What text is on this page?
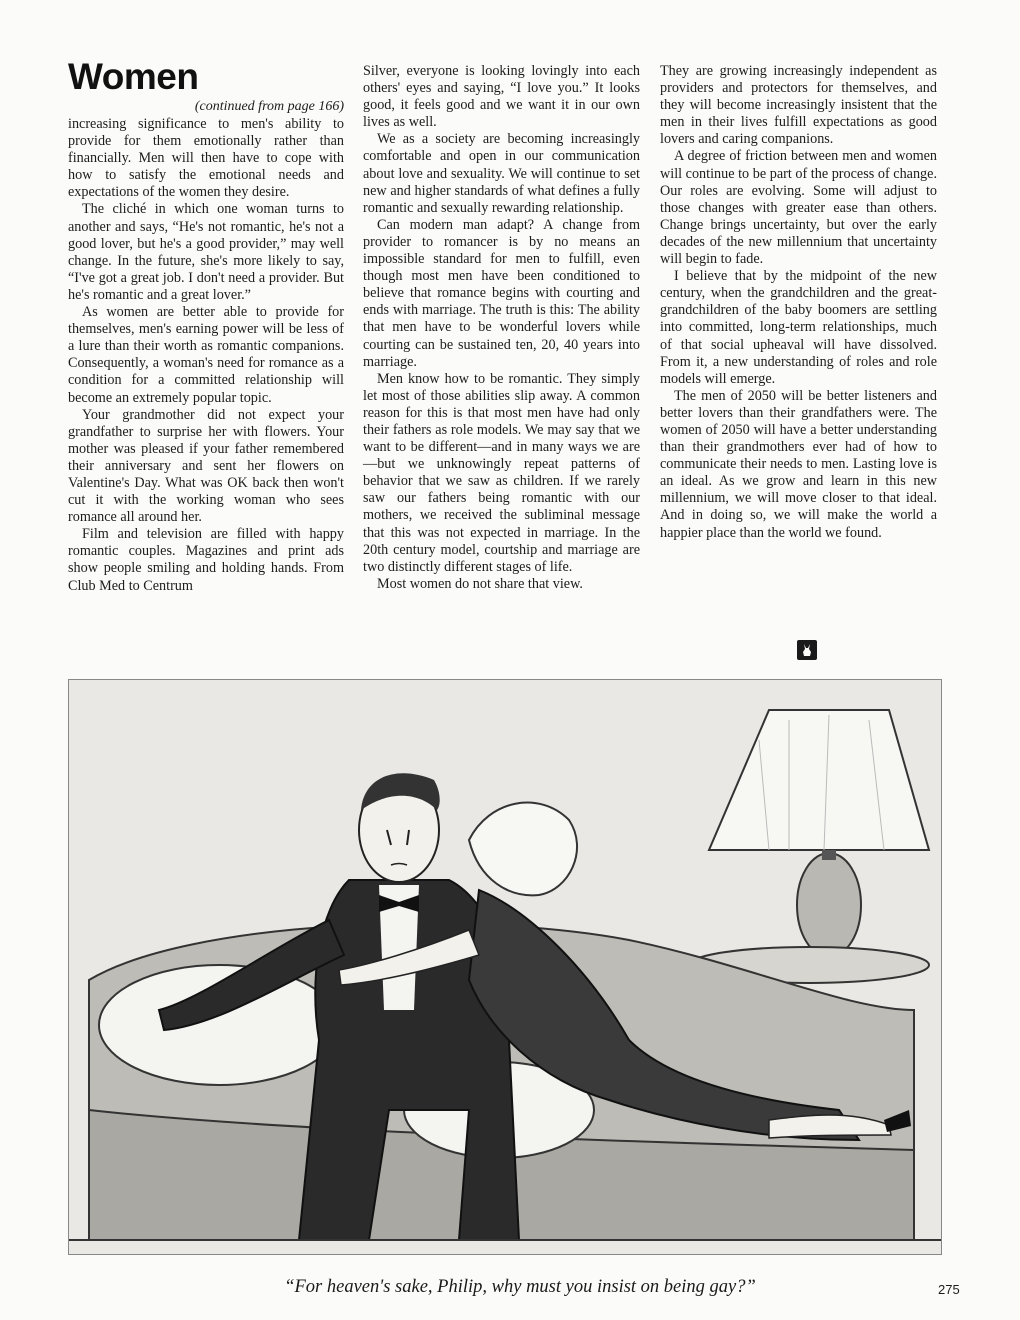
Women
(continued from page 166)

increasing significance to men's ability to provide for them emotionally rather than financially. Men will then have to cope with how to satisfy the emotional needs and expectations of the women they desire.

The cliché in which one woman turns to another and says, “He's not romantic, he's not a good lover, but he's a good provider,” may well change. In the future, she's more likely to say, “I've got a great job. I don't need a provider. But he's romantic and a great lover.”

As women are better able to provide for themselves, men's earning power will be less of a lure than their worth as romantic companions. Consequently, a woman's need for romance as a condition for a committed relationship will become an extremely popular topic.

Your grandmother did not expect your grandfather to surprise her with flowers. Your mother was pleased if your father remembered their anniversary and sent her flowers on Valentine's Day. What was OK back then won't cut it with the working woman who sees romance all around her.

Film and television are filled with happy romantic couples. Magazines and print ads show people smiling and holding hands. From Club Med to Centrum

Silver, everyone is looking lovingly into each others' eyes and saying, “I love you.” It looks good, it feels good and we want it in our own lives as well.

We as a society are becoming increasingly comfortable and open in our communication about love and sexuality. We will continue to set new and higher standards of what defines a fully romantic and sexually rewarding relationship.

Can modern man adapt? A change from provider to romancer is by no means an impossible standard for men to fulfill, even though most men have been conditioned to believe that romance begins with courting and ends with marriage. The truth is this: The ability that men have to be wonderful lovers while courting can be sustained ten, 20, 40 years into marriage.

Men know how to be romantic. They simply let most of those abilities slip away. A common reason for this is that most men have had only their fathers as role models. We may say that we want to be different—and in many ways we are—but we unknowingly repeat patterns of behavior that we saw as children. If we rarely saw our fathers being romantic with our mothers, we received the subliminal message that this was not expected in marriage. In the 20th century model, courtship and marriage are two distinctly different stages of life.

Most women do not share that view.

They are growing increasingly independent as providers and protectors for themselves, and they will become increasingly insistent that the men in their lives fulfill expectations as good lovers and caring companions.

A degree of friction between men and women will continue to be part of the process of change. Our roles are evolving. Some will adjust to those changes with greater ease than others. Change brings uncertainty, but over the early decades of the new millennium that uncertainty will begin to fade.

I believe that by the midpoint of the new century, when the grandchildren and the great-grandchildren of the baby boomers are settling into committed, long-term relationships, much of that social upheaval will have dissolved. From it, a new understanding of roles and role models will emerge.

The men of 2050 will be better listeners and better lovers than their grandfathers were. The women of 2050 will have a better understanding than their grandmothers ever had of how to communicate their needs to men. Lasting love is an ideal. As we grow and learn in this new millennium, we will move closer to that ideal. And in doing so, we will make the world a happier place than the world we found.

“For heaven's sake, Philip, why must you insist on being gay?”	275
